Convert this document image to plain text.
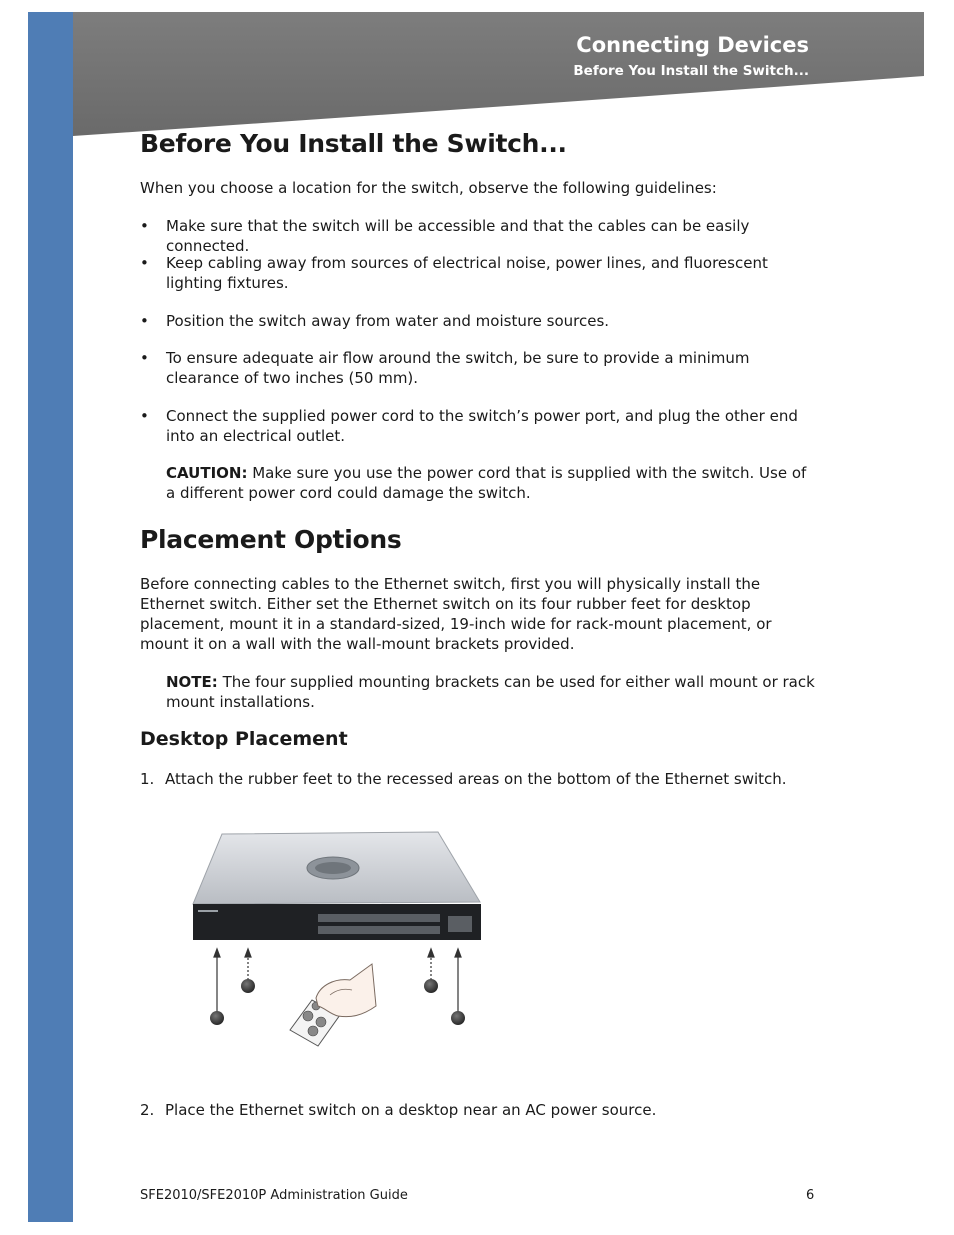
Connecting Devices
Before You Install the Switch...
Before You Install the Switch...

When you choose a location for the switch, observe the following guidelines:

• Make sure that the switch will be accessible and that the cables can be easily connected.
• Keep cabling away from sources of electrical noise, power lines, and fluorescent lighting fixtures.
• Position the switch away from water and moisture sources.
• To ensure adequate air flow around the switch, be sure to provide a minimum clearance of two inches (50 mm).
• Connect the supplied power cord to the switch’s power port, and plug the other end into an electrical outlet.
CAUTION: Make sure you use the power cord that is supplied with the switch. Use of a different power cord could damage the switch.
Placement Options

Before connecting cables to the Ethernet switch, first you will physically install the Ethernet switch. Either set the Ethernet switch on its four rubber feet for desktop placement, mount it in a standard-sized, 19-inch wide for rack-mount placement, or mount it on a wall with the wall-mount brackets provided.

NOTE: The four supplied mounting brackets can be used for either wall mount or rack mount installations.
Desktop Placement
1. Attach the rubber feet to the recessed areas on the bottom of the Ethernet switch.
2. Place the Ethernet switch on a desktop near an AC power source.
SFE2010/SFE2010P Administration Guide	6
